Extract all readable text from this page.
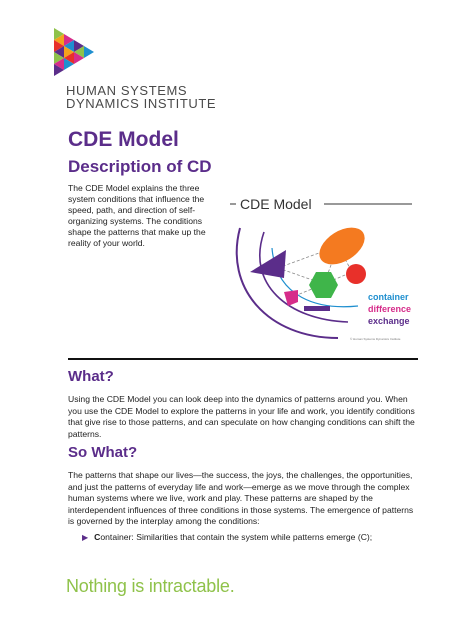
HUMAN SYSTEMS
DYNAMICS INSTITUTE
CDE Model
Description of CD
The CDE Model explains the three system conditions that influence the speed, path, and direction of self-organizing systems. The conditions shape the patterns that make up the reality of your world.
CDE Model
container
difference
exchange
© Human Systems Dynamics Institute
What?
Using the CDE Model you can look deep into the dynamics of patterns around you. When you use the CDE Model to explore the patterns in your life and work, you identify conditions that give rise to those patterns, and can speculate on how changing conditions can shift the patterns.
So What?
The patterns that shape our lives—the success, the joys, the challenges, the opportunities, and just the patterns of everyday life and work—emerge as we move through the complex human systems where we live, work and play. These patterns are shaped by the interdependent influences of three conditions in those systems. The emergence of patterns is governed by the interplay among the conditions:
▶ Container: Similarities that contain the system while patterns emerge (C);
Nothing is intractable.
